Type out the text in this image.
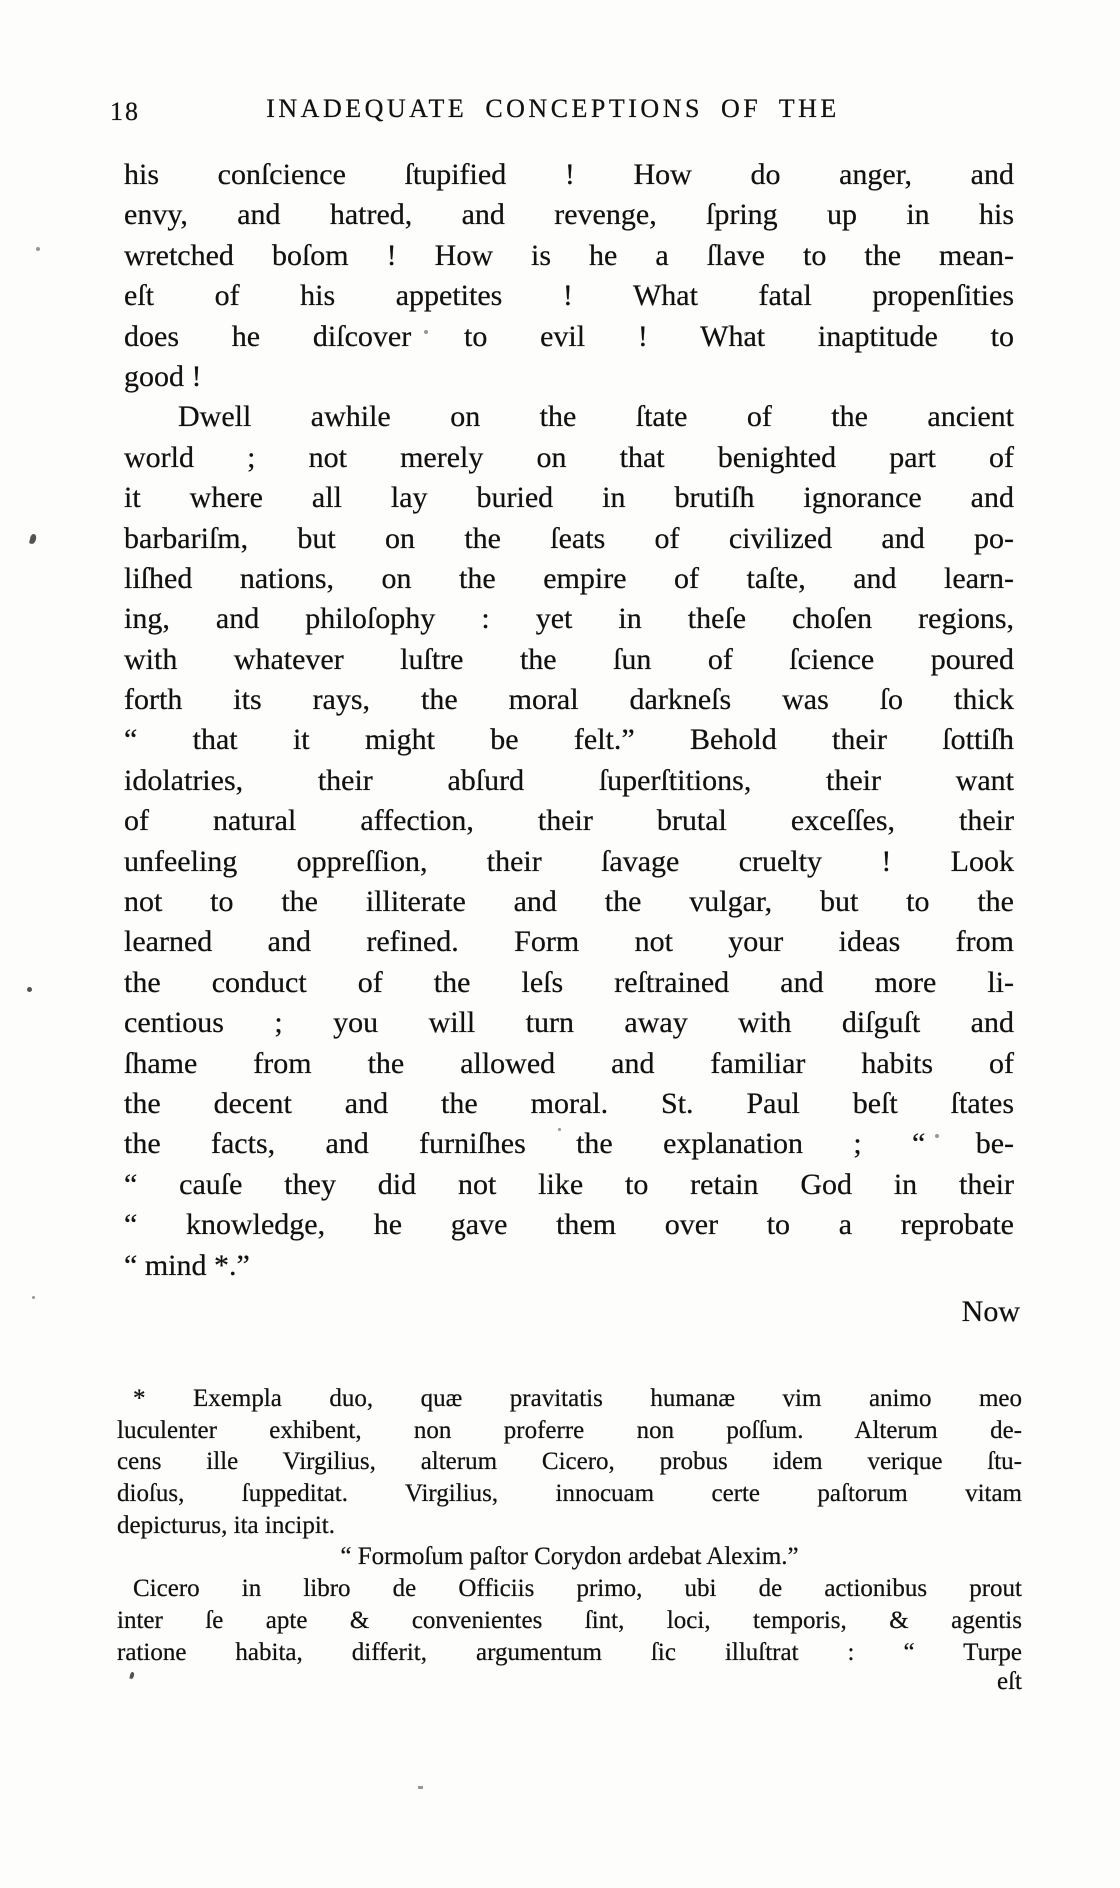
18	INADEQUATE CONCEPTIONS OF THE
his conſcience ſtupified ! How do anger, and
envy, and hatred, and revenge, ſpring up in his
wretched boſom ! How is he a ſlave to the mean-
eſt of his appetites ! What fatal propenſities
does he diſcover to evil ! What inaptitude to
good !
Dwell awhile on the ſtate of the ancient
world ; not merely on that benighted part of
it where all lay buried in brutiſh ignorance and
barbariſm, but on the ſeats of civilized and po-
liſhed nations, on the empire of taſte, and learn-
ing, and philoſophy : yet in theſe choſen regions,
with whatever luſtre the ſun of ſcience poured
forth its rays, the moral darkneſs was ſo thick
“ that it might be felt.” Behold their ſottiſh
idolatries, their abſurd ſuperſtitions, their want
of natural affection, their brutal exceſſes, their
unfeeling oppreſſion, their ſavage cruelty ! Look
not to the illiterate and the vulgar, but to the
learned and refined. Form not your ideas from
the conduct of the leſs reſtrained and more li-
centious ; you will turn away with diſguſt and
ſhame from the allowed and familiar habits of
the decent and the moral. St. Paul beſt ſtates
the facts, and furniſhes the explanation ; “ be-
“ cauſe they did not like to retain God in their
“ knowledge, he gave them over to a reprobate
“ mind *.”
Now
* Exempla duo, quæ pravitatis humanæ vim animo meo
luculenter exhibent, non proferre non poſſum. Alterum de-
cens ille Virgilius, alterum Cicero, probus idem verique ſtu-
dioſus, ſuppeditat. Virgilius, innocuam certe paſtorum vitam
depicturus, ita incipit.
“ Formoſum paſtor Corydon ardebat Alexim.”
Cicero in libro de Officiis primo, ubi de actionibus prout
inter ſe apte & convenientes ſint, loci, temporis, & agentis
ratione habita, differit, argumentum ſic illuſtrat : “ Turpe
eſt
